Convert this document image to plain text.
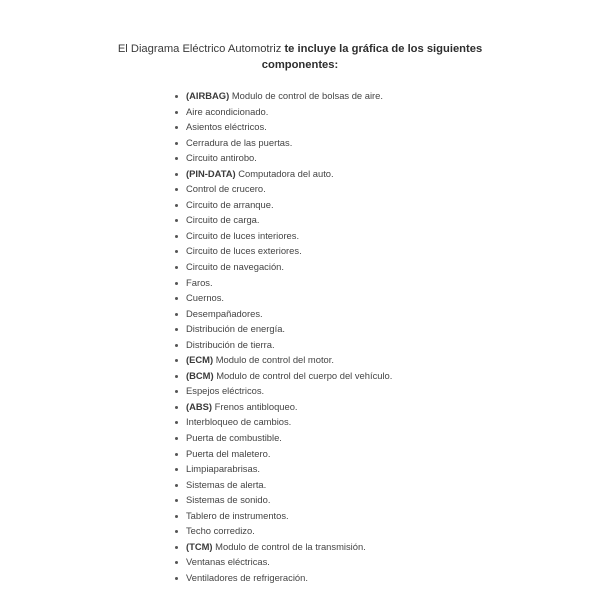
El Diagrama Eléctrico Automotriz te incluye la gráfica de los siguientes componentes:
(AIRBAG) Modulo de control de bolsas de aire.
Aire acondicionado.
Asientos eléctricos.
Cerradura de las puertas.
Circuito antirobo.
(PIN-DATA) Computadora del auto.
Control de crucero.
Circuito de arranque.
Circuito de carga.
Circuito de luces interiores.
Circuito de luces exteriores.
Circuito de navegación.
Faros.
Cuernos.
Desempañadores.
Distribución de energía.
Distribución de tierra.
(ECM) Modulo de control del motor.
(BCM) Modulo de control del cuerpo del vehículo.
Espejos eléctricos.
(ABS) Frenos antibloqueo.
Interbloqueo de cambios.
Puerta de combustible.
Puerta del maletero.
Limpiaparabrisas.
Sistemas de alerta.
Sistemas de sonido.
Tablero de instrumentos.
Techo corredizo.
(TCM) Modulo de control de la transmisión.
Ventanas eléctricas.
Ventiladores de refrigeración.
